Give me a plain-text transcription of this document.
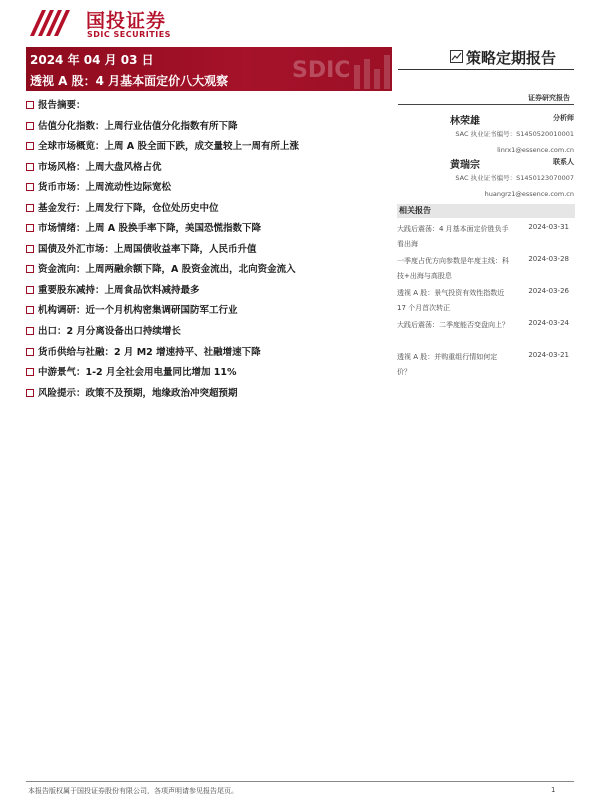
国投证券
SDIC SECURITIES
2024 年 04 月 03 日
透视 A 股：4 月基本面定价八大观察	SDIC	策略定期报告
证券研究报告
林荣雄	分析师
SAC 执业证书编号：S1450520010001
linrx1@essence.com.cn
黄瑞宗	联系人
SAC 执业证书编号：S1450123070007
huangrz1@essence.com.cn
相关报告
大践后震荡：4 月基本面定价胜负手看出海
2024-03-31
一季度占优方向参数是年度主线：科技+出海与高股息
2024-03-28
透视 A 股：景气投资有效性指数近 17 个月首次转正
2024-03-26
大践后震荡：二季度能否变盘向上？	2024-03-24
透视 A 股：并购重组行情如何定价？
2024-03-21
报告摘要：
估值分化指数：上周行业估值分化指数有所下降
全球市场概览：上周 A 股全面下跌，成交量较上一周有所上涨
市场风格：上周大盘风格占优
货币市场：上周流动性边际宽松
基金发行：上周发行下降，仓位处历史中位
市场情绪：上周 A 股换手率下降，美国恐慌指数下降
国债及外汇市场：上周国债收益率下降，人民币升值
资金流向：上周两融余额下降，A 股资金流出，北向资金流入
重要股东减持：上周食品饮料减持最多
机构调研：近一个月机构密集调研国防军工行业
出口：2 月分离设备出口持续增长
货币供给与社融：2 月 M2 增速持平、社融增速下降
中游景气：1-2 月全社会用电量同比增加 11%
风险提示：政策不及预期，地缘政治冲突超预期
本报告版权属于国投证券股份有限公司，各项声明请参见报告尾页。	1
